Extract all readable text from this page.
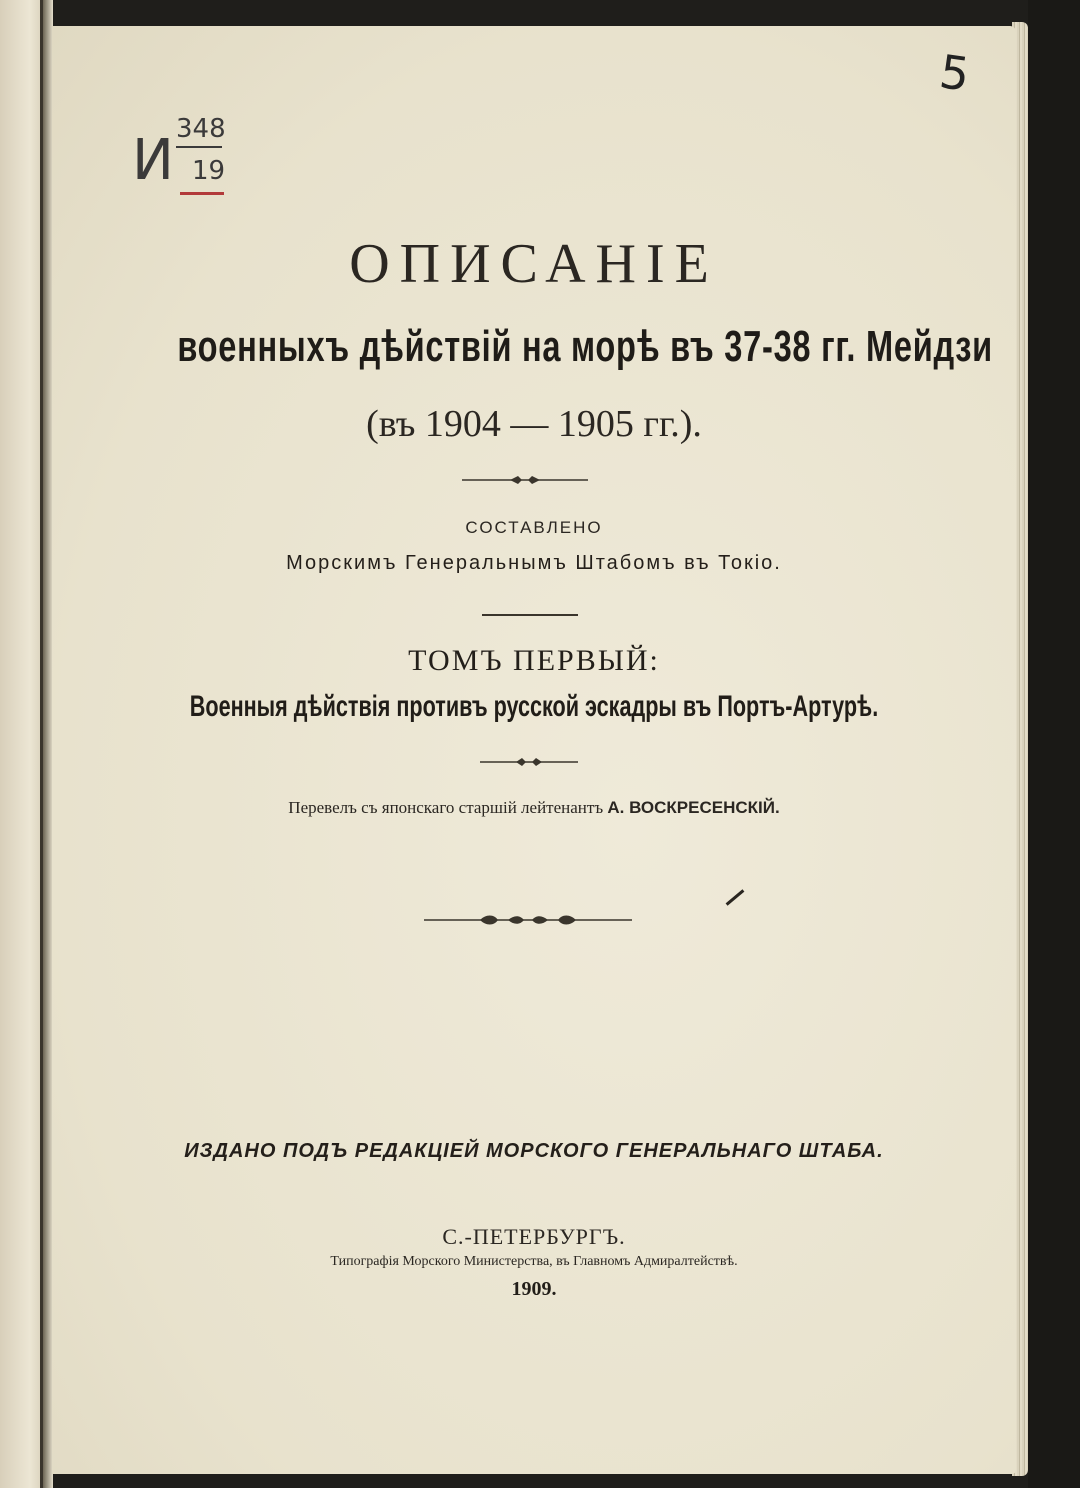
И 348
19
5
ОПИСАНІЕ
военныхъ дѣйствій на морѣ въ 37-38 гг. Мейдзи
(въ 1904 — 1905 гг.).
СОСТАВЛЕНО
Морскимъ Генеральнымъ Штабомъ въ Токіо.
ТОМЪ ПЕРВЫЙ:
Военныя дѣйствія противъ русской эскадры въ Портъ-Артурѣ.
Перевелъ съ японскаго старшій лейтенантъ А. ВОСКРЕСЕНСКІЙ.
ИЗДАНО ПОДЪ РЕДАКЦІЕЙ МОРСКОГО ГЕНЕРАЛЬНАГО ШТАБА.
С.-ПЕТЕРБУРГЪ.
Типографія Морского Министерства, въ Главномъ Адмиралтействѣ.
1909.
